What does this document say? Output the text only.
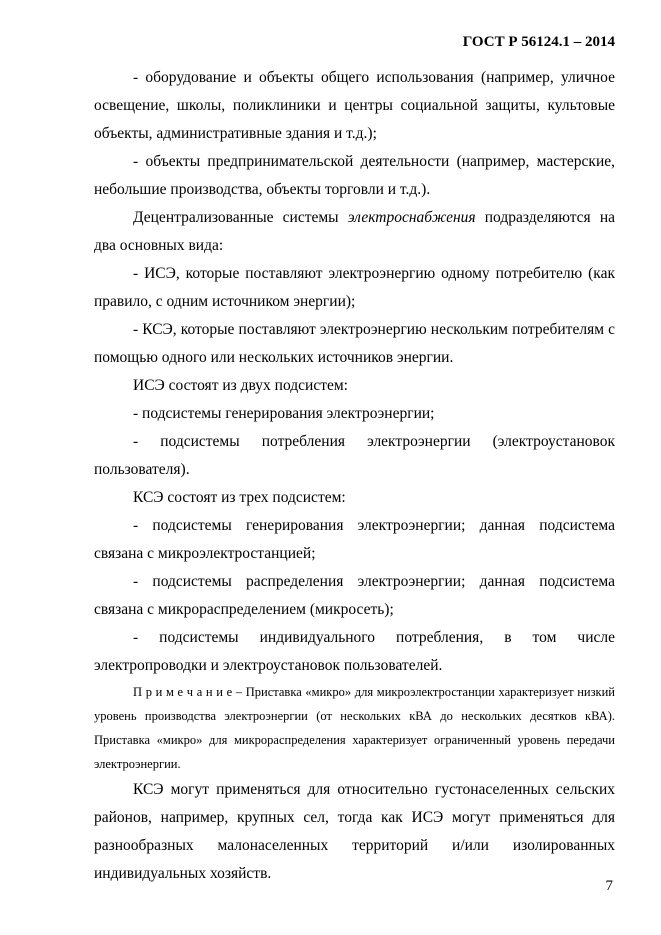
ГОСТ Р 56124.1 – 2014

- оборудование и объекты общего использования (например, уличное освещение, школы, поликлиники и центры социальной защиты, культовые объекты, административные здания и т.д.);

- объекты предпринимательской деятельности (например, мастерские, небольшие производства, объекты торговли и т.д.).

Децентрализованные системы электроснабжения подразделяются на два основных вида:

- ИСЭ, которые поставляют электроэнергию одному потребителю (как правило, с одним источником энергии);

- КСЭ, которые поставляют электроэнергию нескольким потребителям с помощью одного или нескольких источников энергии.

ИСЭ состоят из двух подсистем:

- подсистемы генерирования электроэнергии;

- подсистемы потребления электроэнергии (электроустановок пользователя).

КСЭ состоят из трех подсистем:

- подсистемы генерирования электроэнергии; данная подсистема связана с микроэлектростанцией;

- подсистемы распределения электроэнергии; данная подсистема связана с микрораспределением (микросеть);

- подсистемы индивидуального потребления, в том числе электропроводки и электроустановок пользователей.

П р и м е ч а н и е – Приставка «микро» для микроэлектростанции характеризует низкий уровень производства электроэнергии (от нескольких кВА до нескольких десятков кВА). Приставка «микро» для микрораспределения характеризует ограниченный уровень передачи электроэнергии.

КСЭ могут применяться для относительно густонаселенных сельских районов, например, крупных сел, тогда как ИСЭ могут применяться для разнообразных малонаселенных территорий и/или изолированных индивидуальных хозяйств.

7
